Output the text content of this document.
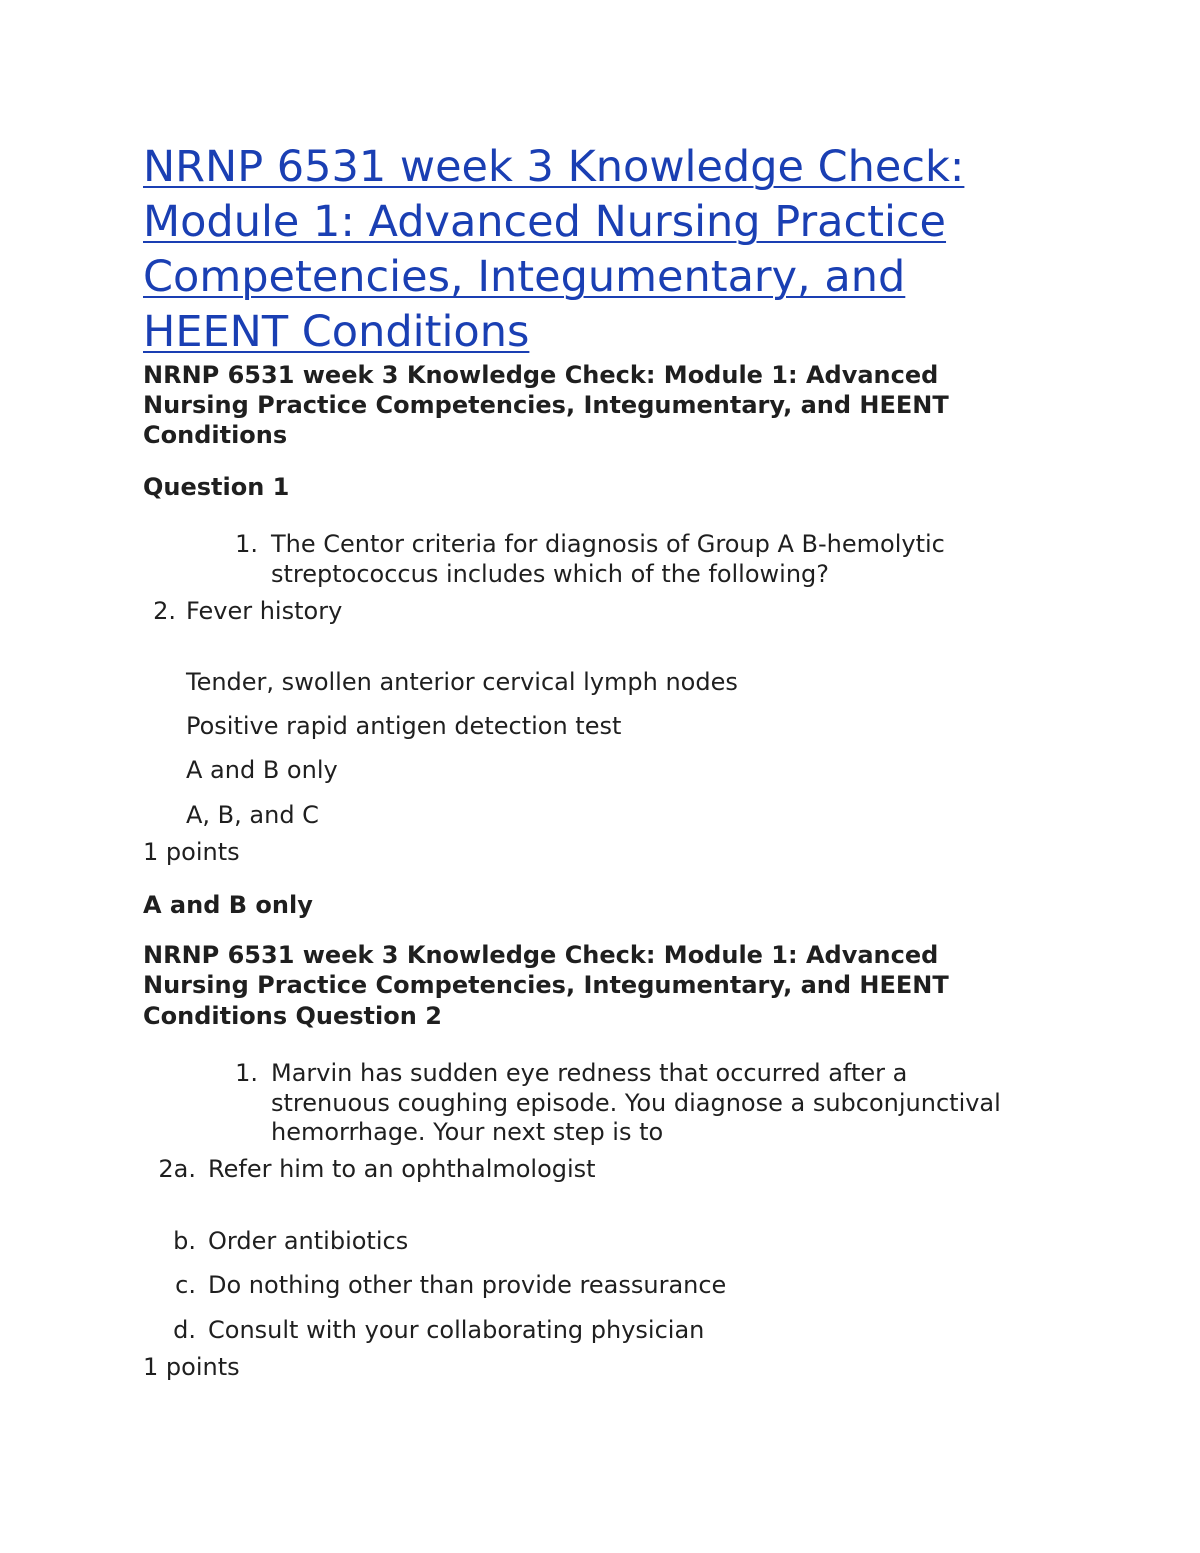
NRNP 6531 week 3 Knowledge Check: Module 1: Advanced Nursing Practice Competencies, Integumentary, and HEENT Conditions
NRNP 6531 week 3 Knowledge Check: Module 1: Advanced
Nursing Practice Competencies, Integumentary, and HEENT
Conditions
Question 1
1. The Centor criteria for diagnosis of Group A B-hemolytic
streptococcus includes which of the following?
2. Fever history
Tender, swollen anterior cervical lymph nodes
Positive rapid antigen detection test
A and B only
A, B, and C
1 points
A and B only
NRNP 6531 week 3 Knowledge Check: Module 1: Advanced
Nursing Practice Competencies, Integumentary, and HEENT
Conditions Question 2
1. Marvin has sudden eye redness that occurred after a
strenuous coughing episode. You diagnose a subconjunctival
hemorrhage. Your next step is to
2a. Refer him to an ophthalmologist
b. Order antibiotics
c. Do nothing other than provide reassurance
d. Consult with your collaborating physician
1 points
